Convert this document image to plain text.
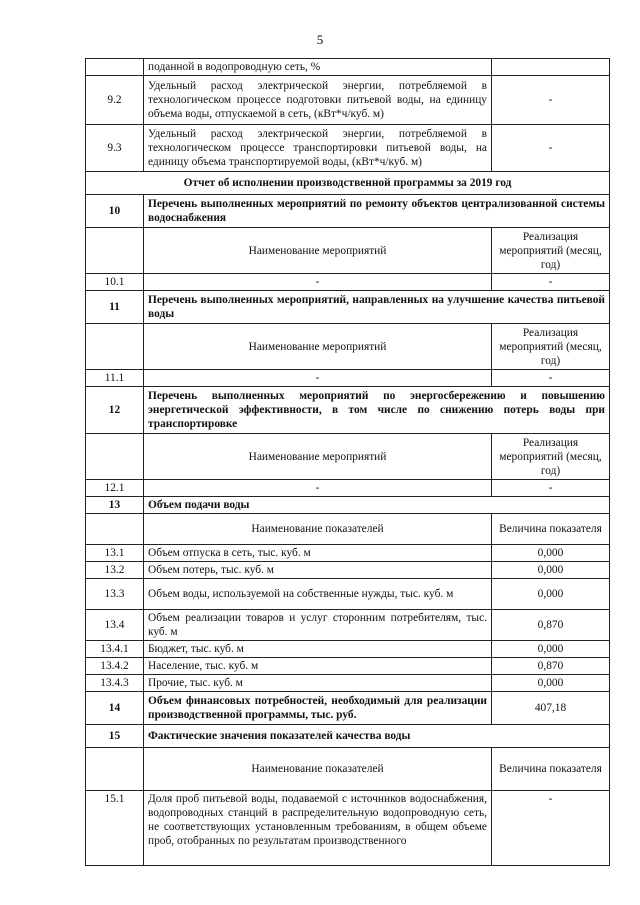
5
	поданной в водопроводную сеть, %	
9.2	Удельный расход электрической энергии, потребляемой в технологическом процессе подготовки питьевой воды, на единицу объема воды, отпускаемой в сеть, (кВт*ч/куб. м)	-
9.3	Удельный расход электрической энергии, потребляемой в технологическом процессе транспортировки питьевой воды, на единицу объема транспортируемой воды, (кВт*ч/куб. м)	-
Отчет об исполнении производственной программы за 2019 год		
10	Перечень выполненных мероприятий по ремонту объектов централизованной системы водоснабжения	
	Наименование мероприятий	Реализация мероприятий (месяц, год)
10.1	-	-
11	Перечень выполненных мероприятий, направленных на улучшение качества питьевой воды	
	Наименование мероприятий	Реализация мероприятий (месяц, год)
11.1	-	-
12	Перечень выполненных мероприятий по энергосбережению и повышению энергетической эффективности, в том числе по снижению потерь воды при транспортировке	
	Наименование мероприятий	Реализация мероприятий (месяц, год)
12.1	-	-
13	Объем подачи воды	
	Наименование показателей	Величина показателя
13.1	Объем отпуска в сеть, тыс. куб. м	0,000
13.2	Объем потерь, тыс. куб. м	0,000
13.3	Объем воды, используемой на собственные нужды, тыс. куб. м	0,000
13.4	Объем реализации товаров и услуг сторонним потребителям, тыс. куб. м	0,870
13.4.1	Бюджет, тыс. куб. м	0,000
13.4.2	Население, тыс. куб. м	0,870
13.4.3	Прочие, тыс. куб. м	0,000
14	Объем финансовых потребностей, необходимый для реализации производственной программы, тыс. руб.	407,18
15	Фактические значения показателей качества воды	
	Наименование показателей	Величина показателя
15.1	Доля проб питьевой воды, подаваемой с источников водоснабжения, водопроводных станций в распределительную водопроводную сеть, не соответствующих установленным требованиям, в общем объеме проб, отобранных по результатам производственного	-
